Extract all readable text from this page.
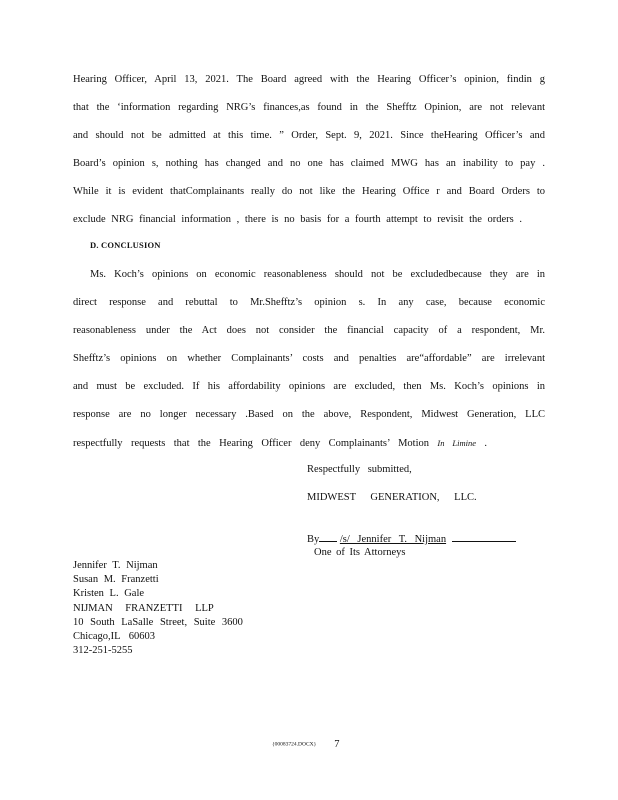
Hearing Officer, April 13, 2021. The Board agreed with the Hearing Officer’s opinion, findin g
that the ‘information regarding NRG’s finances,as found in the Shefftz Opinion, are not relevant
and should not be admitted at this time. ” Order, Sept. 9, 2021. Since theHearing Officer’s and
Board’s opinion s, nothing has changed and no one has claimed MWG has an inability to pay .
While it is evident thatComplainants really do not like the Hearing Office r and Board Orders to
exclude NRG financial information , there is no basis for a fourth attempt to revisit the orders .
D. CONCLUSION
Ms. Koch’s opinions on economic reasonableness should not be excludedbecause they are in
direct response and rebuttal to Mr.Shefftz’s opinion s. In any case, because economic
reasonableness under the Act does not consider the financial capacity of a respondent, Mr.
Shefftz’s opinions on whether Complainants’ costs and penalties are“affordable” are irrelevant
and must be excluded. If his affordability opinions are excluded, then Ms. Koch’s opinions in
response are no longer necessary .Based on the above, Respondent, Midwest Generation, LLC
respectfully requests that the Hearing Officer deny Complainants’ Motion In Limine .
Respectfully submitted,
MIDWEST GENERATION, LLC.
By /s/ Jennifer T. Nijman
One of Its Attorneys
Jennifer T. Nijman
Susan M. Franzetti
Kristen L. Gale
NIJMAN FRANZETTI LLP
10 South LaSalle Street, Suite 3600
Chicago,IL 60603
312-251-5255
{00083724.DOCX} 7
